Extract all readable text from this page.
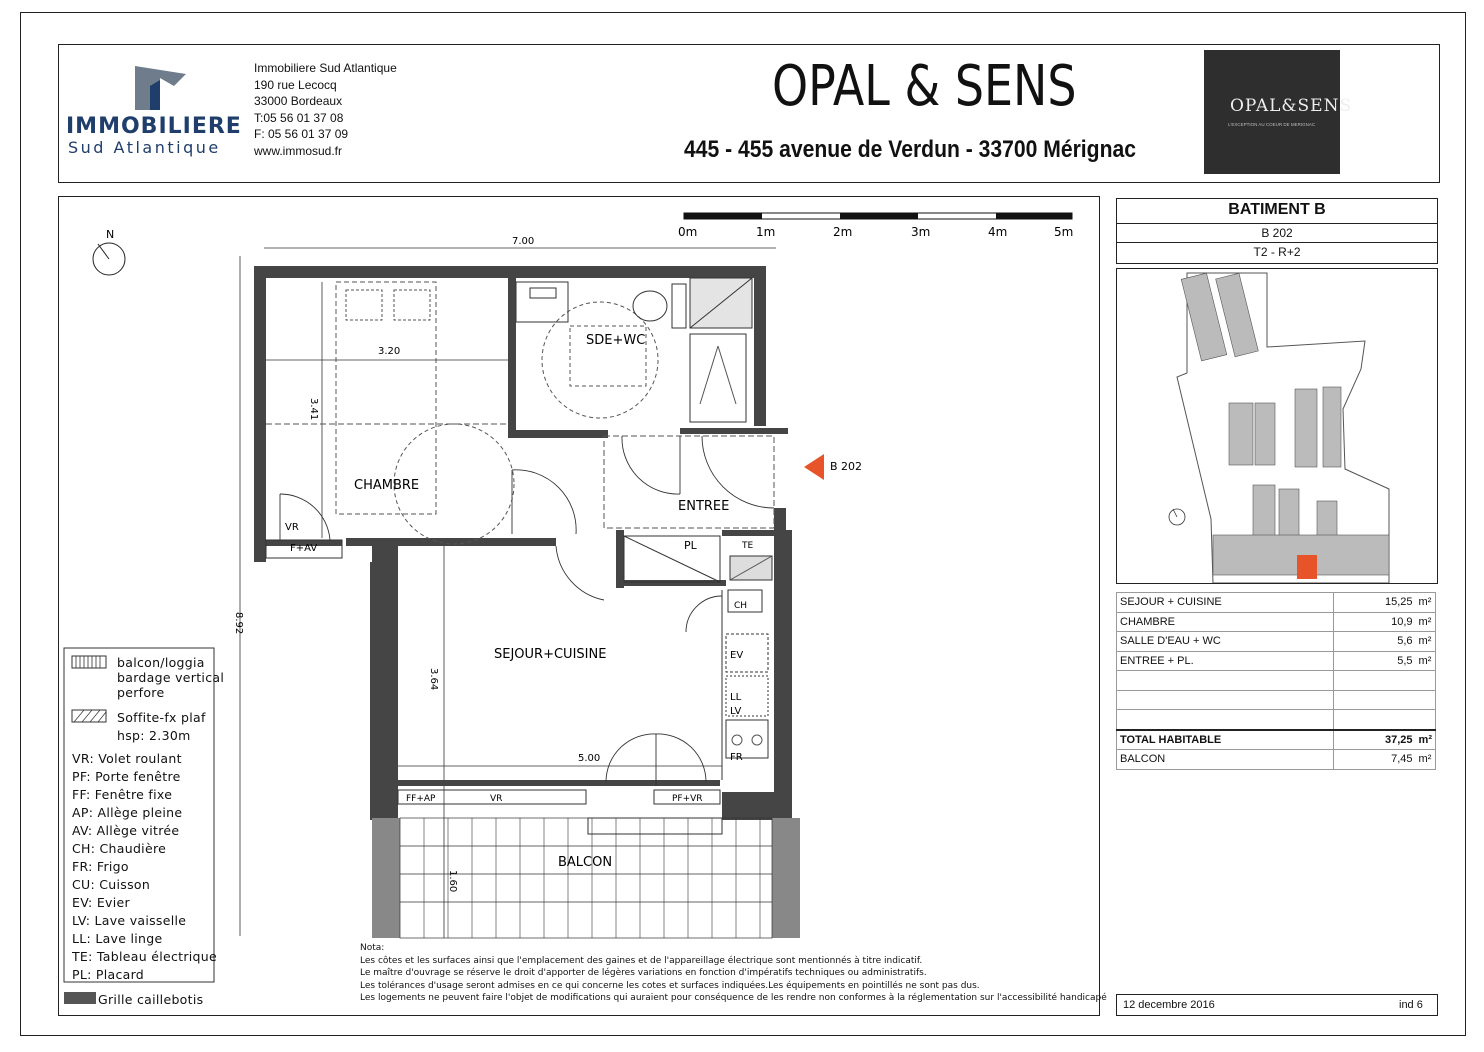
IMMOBILIERE
Sud Atlantique
Immobiliere Sud Atlantique
190 rue Lecocq
33000 Bordeaux
T:05 56 01 37 08
F: 05 56 01 37 09
www.immosud.fr
OPAL & SENS
445 - 455 avenue de Verdun - 33700 Mérignac
OPAL&SENS
L'EXCEPTION AU COEUR DE MERIGNAC
N	0m	1m	2m	3m	4m	5m
7.00
8.92
3.20
3.41
3.64
5.00
1.60
SDE+WC
CHAMBRE
ENTREE
SEJOUR+CUISINE
BALCON
VR
F+AV	PL	TE
CH
EV
LL
LV
FR
FF+AP	VR	PF+VR
B 202
balcon/loggia
bardage vertical
perfore
Soffite-fx plaf
hsp: 2.30m
VR: Volet roulant
PF: Porte fenêtre
FF: Fenêtre fixe
AP: Allège pleine
AV: Allège vitrée
CH: Chaudière
FR: Frigo
CU: Cuisson
EV: Evier
LV: Lave vaisselle
LL: Lave linge
TE: Tableau électrique
PL: Placard
Grille caillebotis
Nota:
Les côtes et les surfaces ainsi que l'emplacement des gaines et de l'appareillage électrique sont mentionnés à titre indicatif.
Le maître d'ouvrage se réserve le droit d'apporter de légères variations en fonction d'impératifs techniques ou administratifs.
Les tolérances d'usage seront admises en ce qui concerne les cotes et surfaces indiquées.Les équipements en pointillés ne sont pas dus.
Les logements ne peuvent faire l'objet de modifications qui auraient pour conséquence de les rendre non conformes à la réglementation sur l'accessibilité handicapé
BATIMENT B
B 202
T2 - R+2
SEJOUR + CUISINE	15,25	m²
CHAMBRE	10,9	m²
SALLE D'EAU + WC	5,6	m²
ENTREE + PL.	5,5	m²

TOTAL HABITABLE	37,25	m²
BALCON	7,45	m²
12 decembre 2016	ind 6
